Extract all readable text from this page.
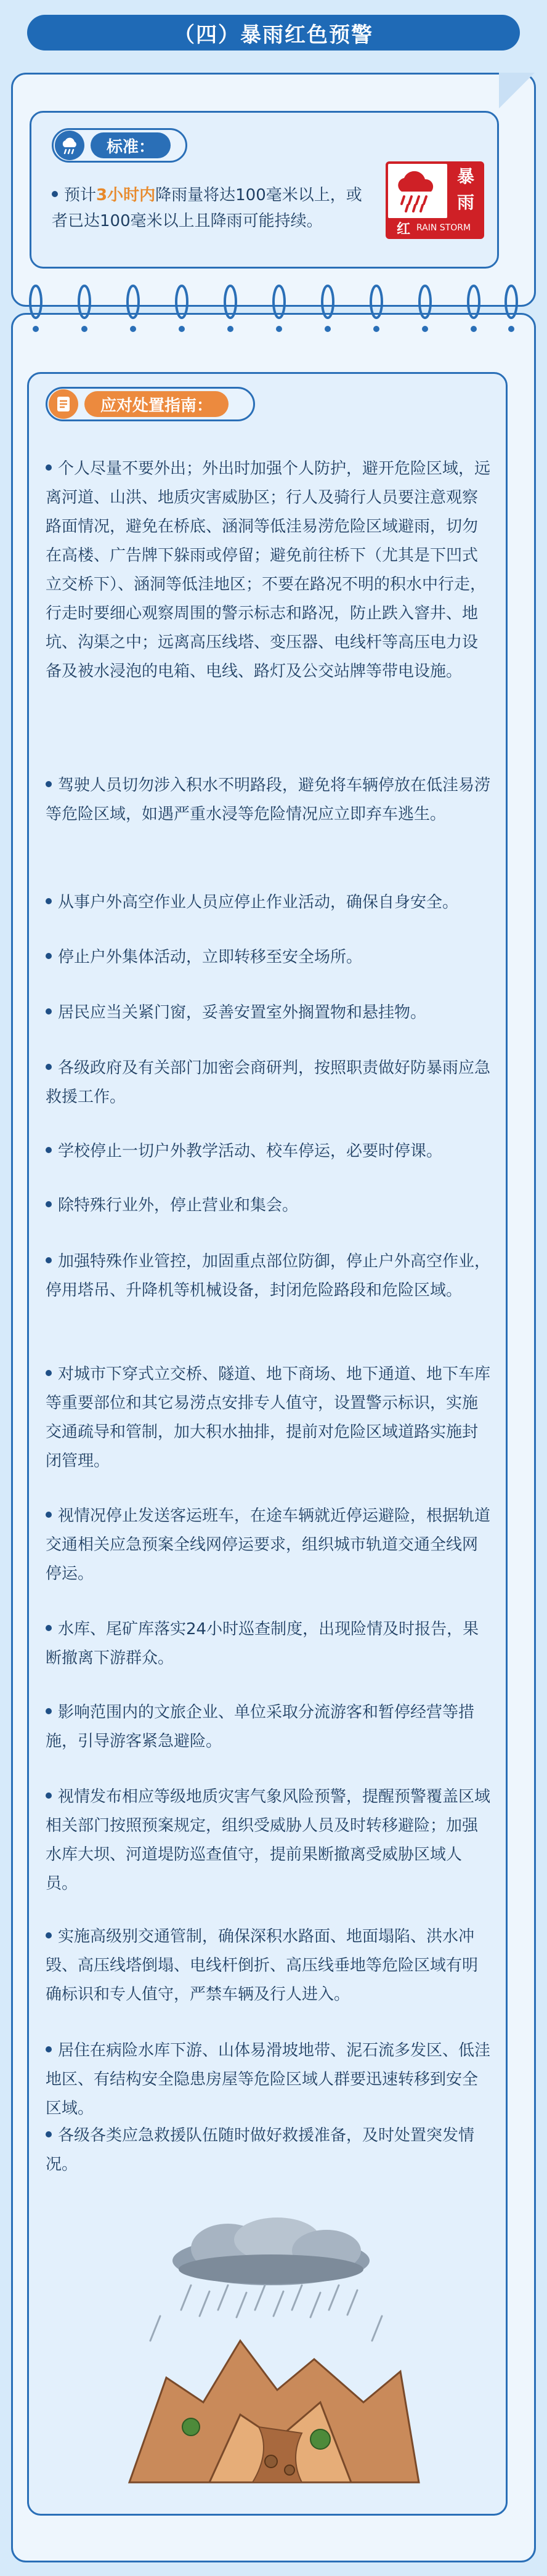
（四）暴雨红色预警
标准：
预计3小时内降雨量将达100毫米以上，或者已达100毫米以上且降雨可能持续。
暴
雨
红 RAIN STORM
应对处置指南：
个人尽量不要外出；外出时加强个人防护，避开危险区域，远离河道、山洪、地质灾害威胁区；行人及骑行人员要注意观察路面情况，避免在桥底、涵洞等低洼易涝危险区域避雨，切勿在高楼、广告牌下躲雨或停留；避免前往桥下（尤其是下凹式立交桥下）、涵洞等低洼地区；不要在路况不明的积水中行走，行走时要细心观察周围的警示标志和路况，防止跌入窨井、地坑、沟渠之中；远离高压线塔、变压器、电线杆等高压电力设备及被水浸泡的电箱、电线、路灯及公交站牌等带电设施。
驾驶人员切勿涉入积水不明路段，避免将车辆停放在低洼易涝等危险区域，如遇严重水浸等危险情况应立即弃车逃生。
从事户外高空作业人员应停止作业活动，确保自身安全。
停止户外集体活动，立即转移至安全场所。
居民应当关紧门窗，妥善安置室外搁置物和悬挂物。
各级政府及有关部门加密会商研判，按照职责做好防暴雨应急救援工作。
学校停止一切户外教学活动、校车停运，必要时停课。
除特殊行业外，停止营业和集会。
加强特殊作业管控，加固重点部位防御，停止户外高空作业，停用塔吊、升降机等机械设备，封闭危险路段和危险区域。
对城市下穿式立交桥、隧道、地下商场、地下通道、地下车库等重要部位和其它易涝点安排专人值守，设置警示标识，实施交通疏导和管制，加大积水抽排，提前对危险区域道路实施封闭管理。
视情况停止发送客运班车，在途车辆就近停运避险，根据轨道交通相关应急预案全线网停运要求，组织城市轨道交通全线网停运。
水库、尾矿库落实24小时巡查制度，出现险情及时报告，果断撤离下游群众。
影响范围内的文旅企业、单位采取分流游客和暂停经营等措施，引导游客紧急避险。
视情发布相应等级地质灾害气象风险预警，提醒预警覆盖区域相关部门按照预案规定，组织受威胁人员及时转移避险；加强水库大坝、河道堤防巡查值守，提前果断撤离受威胁区域人员。
实施高级别交通管制，确保深积水路面、地面塌陷、洪水冲毁、高压线塔倒塌、电线杆倒折、高压线垂地等危险区域有明确标识和专人值守，严禁车辆及行人进入。
居住在病险水库下游、山体易滑坡地带、泥石流多发区、低洼地区、有结构安全隐患房屋等危险区域人群要迅速转移到安全区域。
各级各类应急救援队伍随时做好救援准备，及时处置突发情况。
